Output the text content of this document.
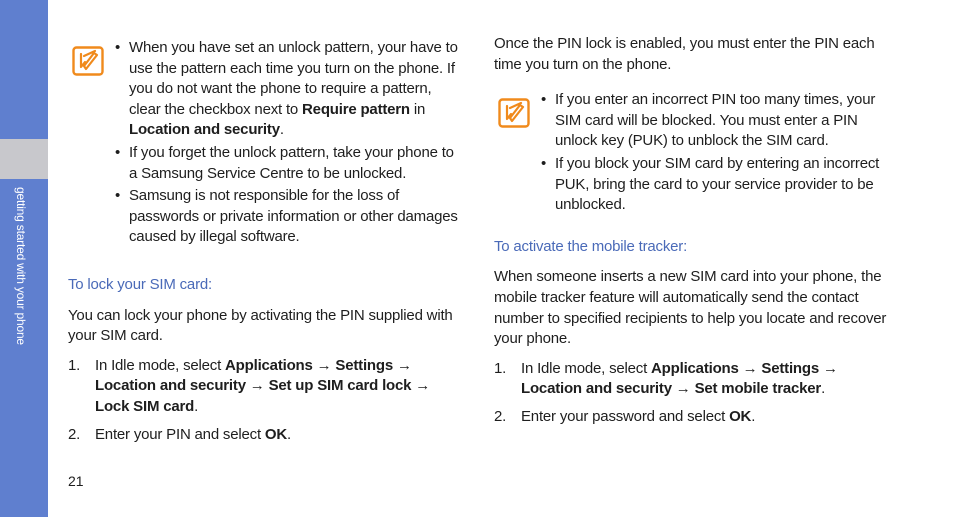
getting started with your phone
• When you have set an unlock pattern, your have to use the pattern each time you turn on the phone. If you do not want the phone to require a pattern, clear the checkbox next to Require pattern in Location and security.
• If you forget the unlock pattern, take your phone to a Samsung Service Centre to be unlocked.
• Samsung is not responsible for the loss of passwords or private information or other damages caused by illegal software.

To lock your SIM card:

You can lock your phone by activating the PIN supplied with your SIM card.

1. In Idle mode, select Applications → Settings → Location and security → Set up SIM card lock → Lock SIM card.
2. Enter your PIN and select OK.

Once the PIN lock is enabled, you must enter the PIN each time you turn on the phone.

• If you enter an incorrect PIN too many times, your SIM card will be blocked. You must enter a PIN unlock key (PUK) to unblock the SIM card.
• If you block your SIM card by entering an incorrect PUK, bring the card to your service provider to be unblocked.

To activate the mobile tracker:

When someone inserts a new SIM card into your phone, the mobile tracker feature will automatically send the contact number to specified recipients to help you locate and recover your phone.

1. In Idle mode, select Applications → Settings → Location and security → Set mobile tracker.
2. Enter your password and select OK.
21
